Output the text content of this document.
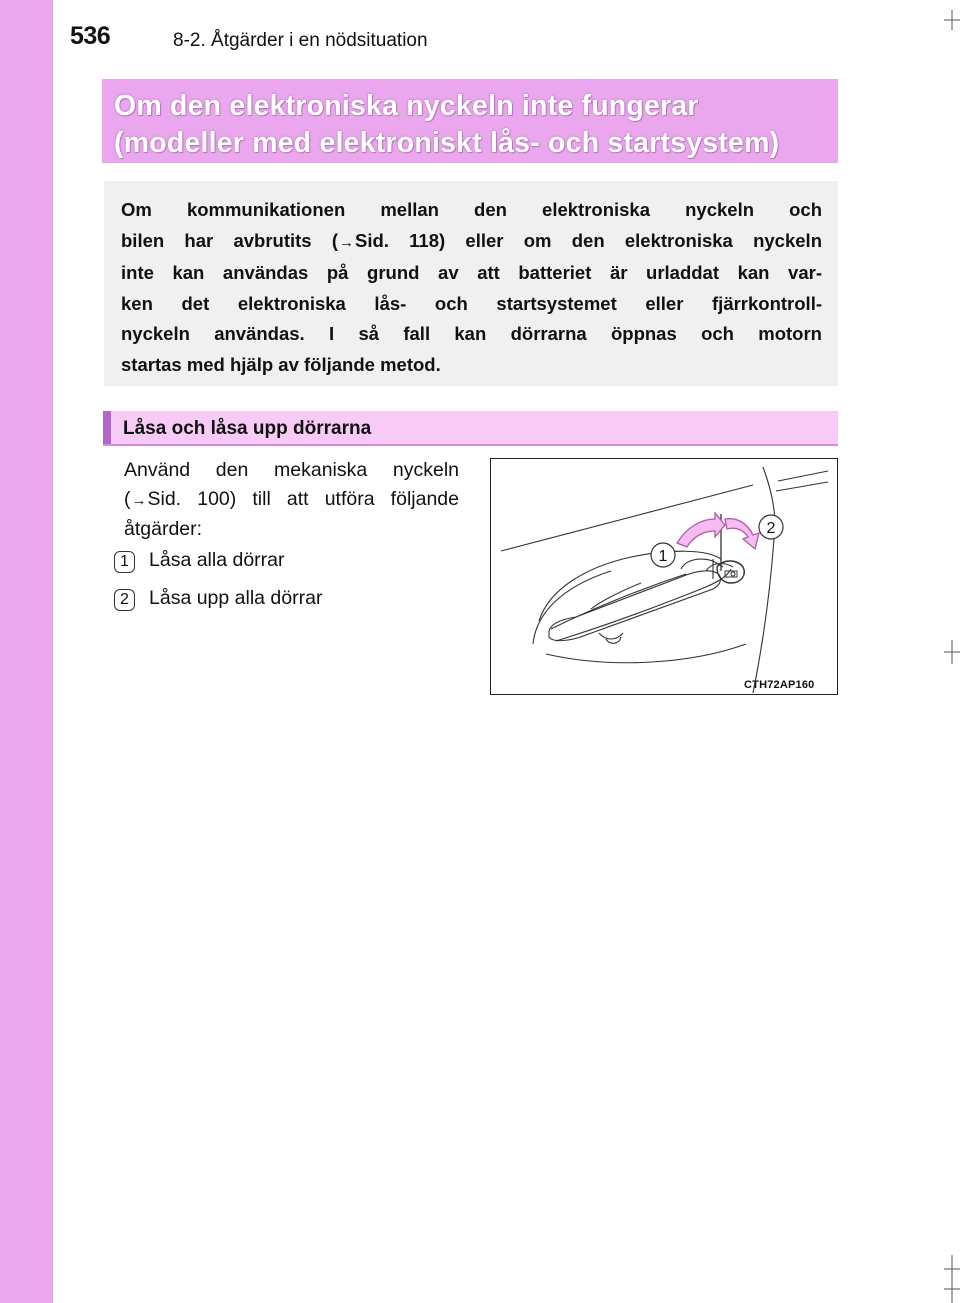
536	8-2. Åtgärder i en nödsituation
Om den elektroniska nyckeln inte fungerar
(modeller med elektroniskt lås- och startsystem)
Om kommunikationen mellan den elektroniska nyckeln och
bilen har avbrutits (→Sid. 118) eller om den elektroniska nyckeln
inte kan användas på grund av att batteriet är urladdat kan var-
ken det elektroniska lås- och startsystemet eller fjärrkontroll-
nyckeln användas. I så fall kan dörrarna öppnas och motorn
startas med hjälp av följande metod.
Låsa och låsa upp dörrarna
Använd den mekaniska nyckeln
(→Sid. 100) till att utföra följande
åtgärder:
1	Låsa alla dörrar
2	Låsa upp alla dörrar
1
2
CTH72AP160
